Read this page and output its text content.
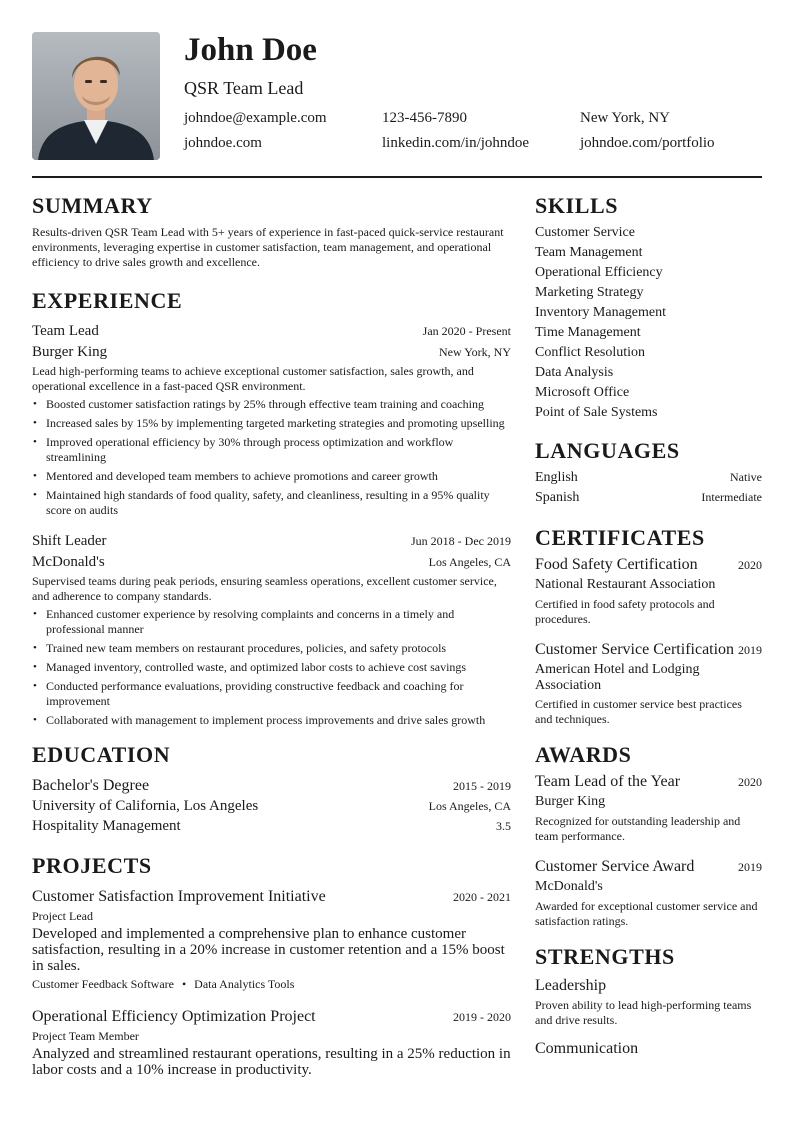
John Doe
QSR Team Lead
johndoe@example.com	123-456-7890	New York, NY
johndoe.com	linkedin.com/in/johndoe	johndoe.com/portfolio
SUMMARY

Results-driven QSR Team Lead with 5+ years of experience in fast-paced quick-service restaurant environments, leveraging expertise in customer satisfaction, team management, and operational efficiency to drive sales growth and excellence.

EXPERIENCE
Team Lead	Jan 2020 - Present
Burger King	New York, NY

Lead high-performing teams to achieve exceptional customer satisfaction, sales growth, and operational excellence in a fast-paced QSR environment.

• Boosted customer satisfaction ratings by 25% through effective team training and coaching
• Increased sales by 15% by implementing targeted marketing strategies and promoting upselling
• Improved operational efficiency by 30% through process optimization and workflow streamlining
• Mentored and developed team members to achieve promotions and career growth
• Maintained high standards of food quality, safety, and cleanliness, resulting in a 95% quality score on audits
Shift Leader	Jun 2018 - Dec 2019
McDonald's	Los Angeles, CA

Supervised teams during peak periods, ensuring seamless operations, excellent customer service, and adherence to company standards.

• Enhanced customer experience by resolving complaints and concerns in a timely and professional manner
• Trained new team members on restaurant procedures, policies, and safety protocols
• Managed inventory, controlled waste, and optimized labor costs to achieve cost savings
• Conducted performance evaluations, providing constructive feedback and coaching for improvement
• Collaborated with management to implement process improvements and drive sales growth
EDUCATION
Bachelor's Degree	2015 - 2019
University of California, Los Angeles	Los Angeles, CA
Hospitality Management	3.5
PROJECTS
Customer Satisfaction Improvement Initiative	2020 - 2021
Project Lead

Developed and implemented a comprehensive plan to enhance customer satisfaction, resulting in a 20% increase in customer retention and a 15% boost in sales.

Customer Feedback Software • Data Analytics Tools
Operational Efficiency Optimization Project	2019 - 2020
Project Team Member

Analyzed and streamlined restaurant operations, resulting in a 25% reduction in labor costs and a 10% increase in productivity.

SKILLS
Customer Service
Team Management
Operational Efficiency
Marketing Strategy
Inventory Management
Time Management
Conflict Resolution
Data Analysis
Microsoft Office
Point of Sale Systems
LANGUAGES
English	Native
Spanish	Intermediate
CERTIFICATES
Food Safety Certification	2020
National Restaurant Association

Certified in food safety protocols and procedures.

Customer Service Certification 2019
American Hotel and Lodging Association

Certified in customer service best practices and techniques.

AWARDS
Team Lead of the Year	2020
Burger King

Recognized for outstanding leadership and team performance.

Customer Service Award	2019
McDonald's

Awarded for exceptional customer service and satisfaction ratings.

STRENGTHS
Leadership

Proven ability to lead high-performing teams and drive results.

Communication
